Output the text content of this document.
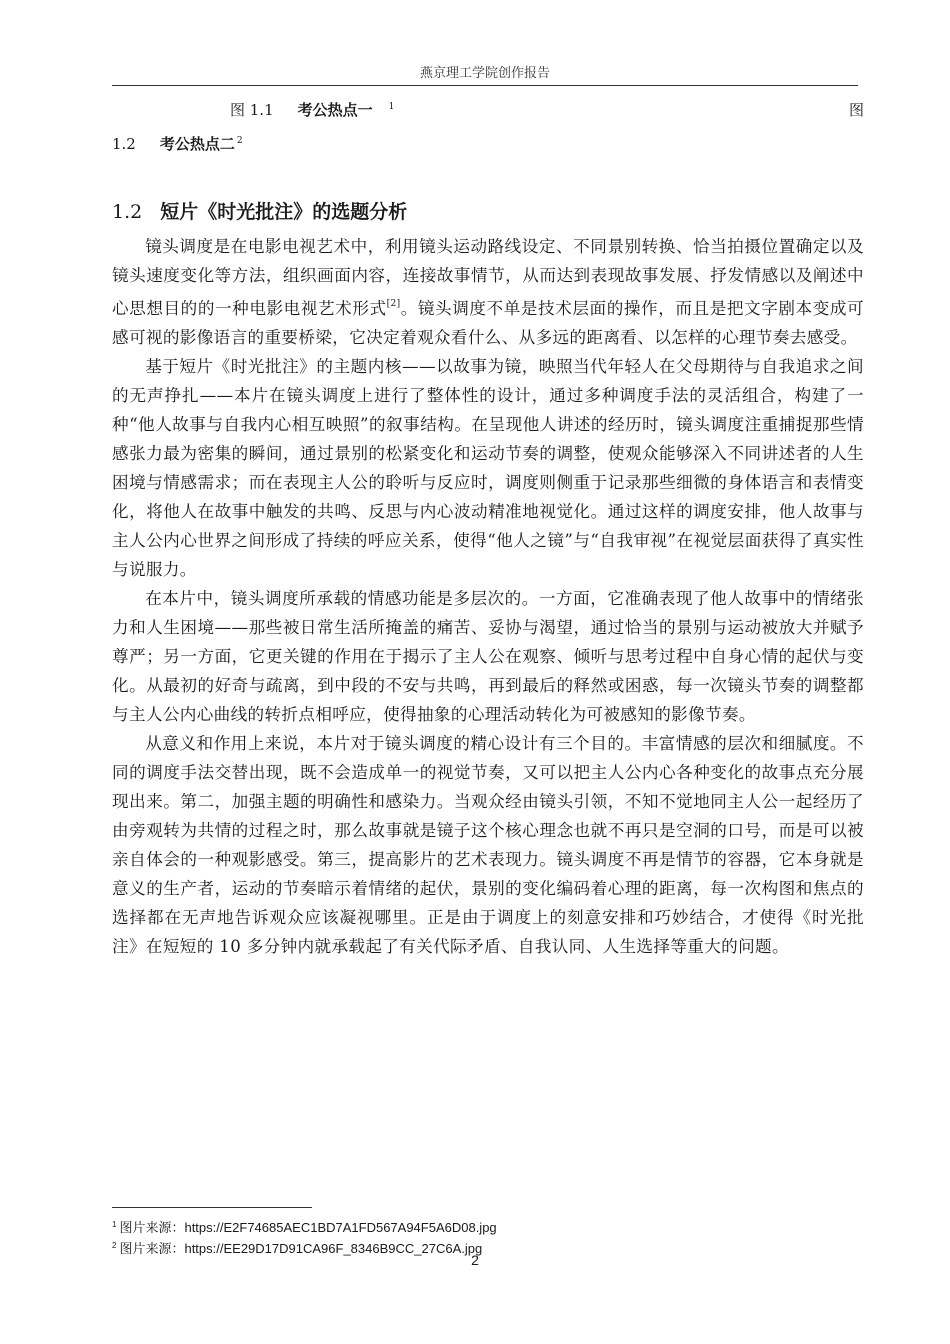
燕京理工学院创作报告
图 1.1 考公热点一 $^1$	图
1.2 考公热点二 $^2$
1.2 短片《时光批注》的选题分析

镜头调度是在电影电视艺术中，利用镜头运动路线设定、不同景别转换、恰当拍摄位置确定以及镜头速度变化等方法，组织画面内容，连接故事情节，从而达到表现故事发展、抒发情感以及阐述中心思想目的的一种电影电视艺术形式[2]。镜头调度不单是技术层面的操作，而且是把文字剧本变成可感可视的影像语言的重要桥梁，它决定着观众看什么、从多远的距离看、以怎样的心理节奏去感受。

基于短片《时光批注》的主题内核——以故事为镜，映照当代年轻人在父母期待与自我追求之间的无声挣扎——本片在镜头调度上进行了整体性的设计，通过多种调度手法的灵活组合，构建了一种“他人故事与自我内心相互映照”的叙事结构。在呈现他人讲述的经历时，镜头调度注重捕捉那些情感张力最为密集的瞬间，通过景别的松紧变化和运动节奏的调整，使观众能够深入不同讲述者的人生困境与情感需求；而在表现主人公的聆听与反应时，调度则侧重于记录那些细微的身体语言和表情变化，将他人在故事中触发的共鸣、反思与内心波动精准地视觉化。通过这样的调度安排，他人故事与主人公内心世界之间形成了持续的呼应关系，使得“他人之镜”与“自我审视”在视觉层面获得了真实性与说服力。

在本片中，镜头调度所承载的情感功能是多层次的。一方面，它准确表现了他人故事中的情绪张力和人生困境——那些被日常生活所掩盖的痛苦、妥协与渴望，通过恰当的景别与运动被放大并赋予尊严；另一方面，它更关键的作用在于揭示了主人公在观察、倾听与思考过程中自身心情的起伏与变化。从最初的好奇与疏离，到中段的不安与共鸣，再到最后的释然或困惑，每一次镜头节奏的调整都与主人公内心曲线的转折点相呼应，使得抽象的心理活动转化为可被感知的影像节奏。

从意义和作用上来说，本片对于镜头调度的精心设计有三个目的。丰富情感的层次和细腻度。不同的调度手法交替出现，既不会造成单一的视觉节奏，又可以把主人公内心各种变化的故事点充分展现出来。第二，加强主题的明确性和感染力。当观众经由镜头引领，不知不觉地同主人公一起经历了由旁观转为共情的过程之时，那么故事就是镜子这个核心理念也就不再只是空洞的口号，而是可以被亲自体会的一种观影感受。第三，提高影片的艺术表现力。镜头调度不再是情节的容器，它本身就是意义的生产者，运动的节奏暗示着情绪的起伏，景别的变化编码着心理的距离，每一次构图和焦点的选择都在无声地告诉观众应该凝视哪里。正是由于调度上的刻意安排和巧妙结合，才使得《时光批注》在短短的 10 多分钟内就承载起了有关代际矛盾、自我认同、人生选择等重大的问题。

$^1$ 图片来源：https://E2F74685AEC1BD7A1FD567A94F5A6D08.jpg
$^2$ 图片来源：https://EE29D17D91CA96F_8346B9CC_27C6A.jpg
2
